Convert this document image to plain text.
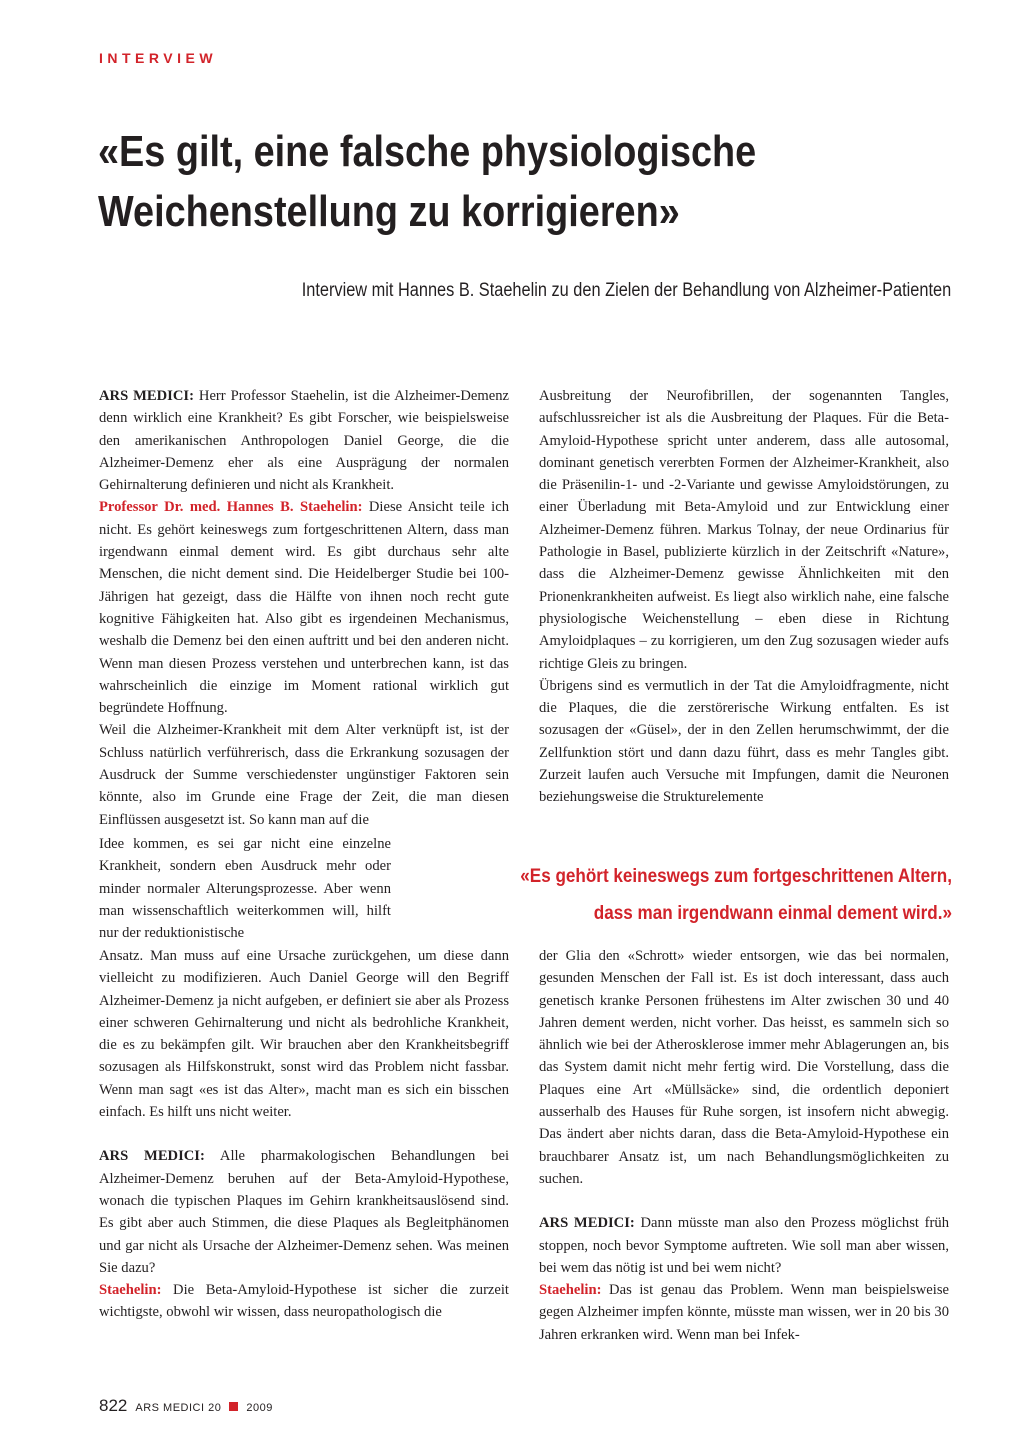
INTERVIEW
«Es gilt, eine falsche physiologische
Weichenstellung zu korrigieren»

Interview mit Hannes B. Staehelin zu den Zielen der Behandlung von Alzheimer-Patienten

ARS MEDICI: Herr Professor Staehelin, ist die Alzheimer-Demenz denn wirklich eine Krankheit? Es gibt Forscher, wie beispielsweise den amerikanischen Anthropologen Daniel George, die die Alzheimer-Demenz eher als eine Ausprägung der normalen Gehirnalterung definieren und nicht als Krankheit.

Professor Dr. med. Hannes B. Staehelin: Diese Ansicht teile ich nicht. Es gehört keineswegs zum fortgeschrittenen Altern, dass man irgendwann einmal dement wird. Es gibt durchaus sehr alte Menschen, die nicht dement sind. Die Heidelberger Studie bei 100-Jährigen hat gezeigt, dass die Hälfte von ihnen noch recht gute kognitive Fähigkeiten hat. Also gibt es irgendeinen Mechanismus, weshalb die Demenz bei den einen auftritt und bei den anderen nicht. Wenn man diesen Prozess verstehen und unterbrechen kann, ist das wahrscheinlich die einzige im Moment rational wirklich gut begründete Hoffnung.

Weil die Alzheimer-Krankheit mit dem Alter verknüpft ist, ist der Schluss natürlich verführerisch, dass die Erkrankung sozusagen der Ausdruck der Summe verschiedenster ungünstiger Faktoren sein könnte, also im Grunde eine Frage der Zeit, die man diesen Einflüssen ausgesetzt ist. So kann man auf die

Idee kommen, es sei gar nicht eine einzelne Krankheit, sondern eben Ausdruck mehr oder minder normaler Alterungsprozesse. Aber wenn man wissenschaftlich weiterkommen will, hilft nur der reduktionistische

Ansatz. Man muss auf eine Ursache zurückgehen, um diese dann vielleicht zu modifizieren. Auch Daniel George will den Begriff Alzheimer-Demenz ja nicht aufgeben, er definiert sie aber als Prozess einer schweren Gehirnalterung und nicht als bedrohliche Krankheit, die es zu bekämpfen gilt. Wir brauchen aber den Krankheitsbegriff sozusagen als Hilfskonstrukt, sonst wird das Problem nicht fassbar. Wenn man sagt «es ist das Alter», macht man es sich ein bisschen einfach. Es hilft uns nicht weiter.

ARS MEDICI: Alle pharmakologischen Behandlungen bei Alzheimer-Demenz beruhen auf der Beta-Amyloid-Hypothese, wonach die typischen Plaques im Gehirn krankheitsauslösend sind. Es gibt aber auch Stimmen, die diese Plaques als Begleitphänomen und gar nicht als Ursache der Alzheimer-Demenz sehen. Was meinen Sie dazu?

Staehelin: Die Beta-Amyloid-Hypothese ist sicher die zurzeit wichtigste, obwohl wir wissen, dass neuropathologisch die

Ausbreitung der Neurofibrillen, der sogenannten Tangles, aufschlussreicher ist als die Ausbreitung der Plaques. Für die Beta-Amyloid-Hypothese spricht unter anderem, dass alle autosomal, dominant genetisch vererbten Formen der Alzheimer-Krankheit, also die Präsenilin-1- und -2-Variante und gewisse Amyloidstörungen, zu einer Überladung mit Beta-Amyloid und zur Entwicklung einer Alzheimer-Demenz führen. Markus Tolnay, der neue Ordinarius für Pathologie in Basel, publizierte kürzlich in der Zeitschrift «Nature», dass die Alzheimer-Demenz gewisse Ähnlichkeiten mit den Prionenkrankheiten aufweist. Es liegt also wirklich nahe, eine falsche physiologische Weichenstellung – eben diese in Richtung Amyloidplaques – zu korrigieren, um den Zug sozusagen wieder aufs richtige Gleis zu bringen.

Übrigens sind es vermutlich in der Tat die Amyloidfragmente, nicht die Plaques, die die zerstörerische Wirkung entfalten. Es ist sozusagen der «Güsel», der in den Zellen herumschwimmt, der die Zellfunktion stört und dann dazu führt, dass es mehr Tangles gibt. Zurzeit laufen auch Versuche mit Impfungen, damit die Neuronen beziehungsweise die Strukturelemente

«Es gehört keineswegs zum fortgeschrittenen Altern,
dass man irgendwann einmal dement wird.»

der Glia den «Schrott» wieder entsorgen, wie das bei normalen, gesunden Menschen der Fall ist. Es ist doch interessant, dass auch genetisch kranke Personen frühestens im Alter zwischen 30 und 40 Jahren dement werden, nicht vorher. Das heisst, es sammeln sich so ähnlich wie bei der Atherosklerose immer mehr Ablagerungen an, bis das System damit nicht mehr fertig wird. Die Vorstellung, dass die Plaques eine Art «Müllsäcke» sind, die ordentlich deponiert ausserhalb des Hauses für Ruhe sorgen, ist insofern nicht abwegig. Das ändert aber nichts daran, dass die Beta-Amyloid-Hypothese ein brauchbarer Ansatz ist, um nach Behandlungsmöglichkeiten zu suchen.

ARS MEDICI: Dann müsste man also den Prozess möglichst früh stoppen, noch bevor Symptome auftreten. Wie soll man aber wissen, bei wem das nötig ist und bei wem nicht?

Staehelin: Das ist genau das Problem. Wenn man beispielsweise gegen Alzheimer impfen könnte, müsste man wissen, wer in 20 bis 30 Jahren erkranken wird. Wenn man bei Infek-

822 ARS MEDICI 20 2009
